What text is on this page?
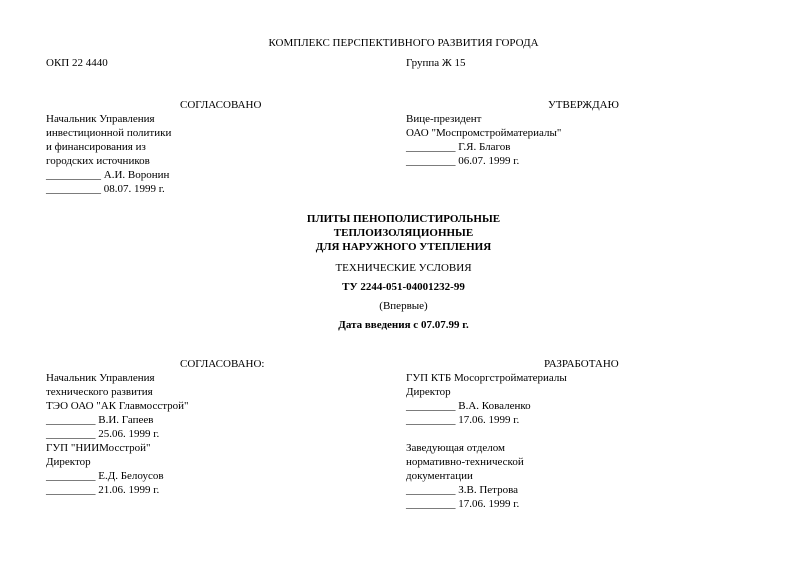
КОМПЛЕКС ПЕРСПЕКТИВНОГО РАЗВИТИЯ ГОРОДА
ОКП 22 4440	Группа Ж 15
СОГЛАСОВАНО
Начальник Управления
инвестиционной политики
и финансирования из
городских источников
__________ А.И. Воронин
__________ 08.07. 1999 г.
УТВЕРЖДАЮ
Вице-президент
ОАО "Моспромстройматериалы"
_________ Г.Я. Благов
_________ 06.07. 1999 г.
ПЛИТЫ ПЕНОПОЛИСТИРОЛЬНЫЕ
ТЕПЛОИЗОЛЯЦИОННЫЕ
ДЛЯ НАРУЖНОГО УТЕПЛЕНИЯ
ТЕХНИЧЕСКИЕ УСЛОВИЯ
ТУ 2244-051-04001232-99
(Впервые)
Дата введения с 07.07.99 г.
СОГЛАСОВАНО:
Начальник Управления
технического развития
ТЭО ОАО "АК Главмосстрой"
_________ В.И. Гапеев
_________ 25.06. 1999 г.
ГУП "НИИМосстрой"
Директор
_________ Е.Д. Белоусов
_________ 21.06. 1999 г.
РАЗРАБОТАНО
ГУП КТБ Мосоргстройматериалы
Директор
_________ В.А. Коваленко
_________ 17.06. 1999 г.
Заведующая отделом
нормативно-технической
документации
_________ З.В. Петрова
_________ 17.06. 1999 г.
